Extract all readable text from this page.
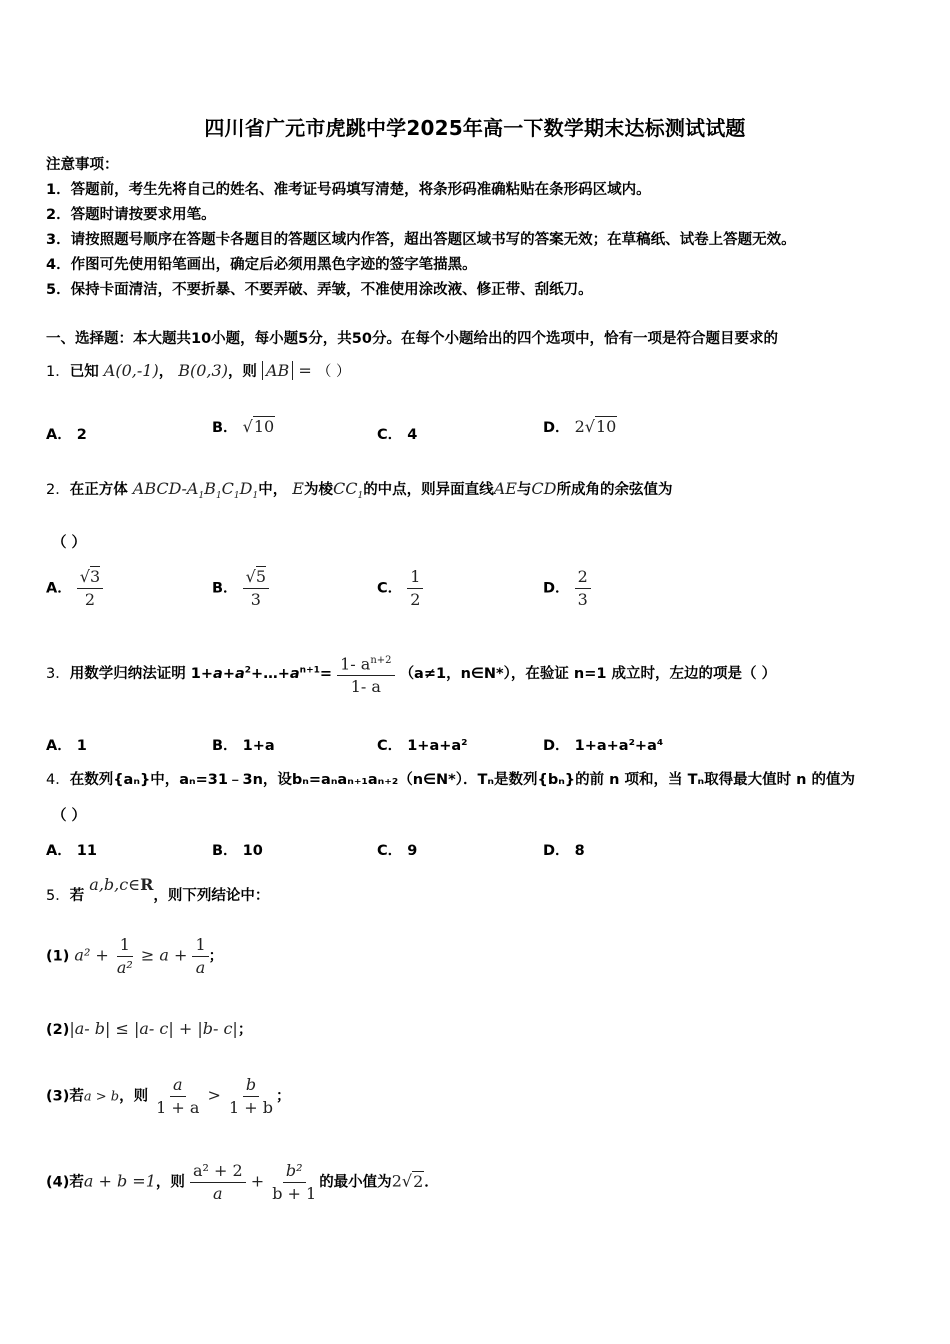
四川省广元市虎跳中学2025年高一下数学期末达标测试试题
注意事项：
1．答题前，考生先将自己的姓名、准考证号码填写清楚，将条形码准确粘贴在条形码区域内。
2．答题时请按要求用笔。
3．请按照题号顺序在答题卡各题目的答题区域内作答，超出答题区域书写的答案无效；在草稿纸、试卷上答题无效。
4．作图可先使用铅笔画出，确定后必须用黑色字迹的签字笔描黑。
5．保持卡面清洁，不要折暴、不要弄破、弄皱，不准使用涂改液、修正带、刮纸刀。
一、选择题：本大题共10小题，每小题5分，共50分。在每个小题给出的四个选项中，恰有一项是符合题目要求的
1．已知 A(0,‑1)， B(0,3)，则 AB = （ ）
A． 2	B． √10	C． 4	D． 2√10
2．在正方体 $ABCD‑A_1B_1C_1D_1$中， E为棱$CC_1$的中点，则异面直线AE与CD所成角的余弦值为
（ ）
A． $\frac{√3}{2}$	B． $\frac{√5}{3}$	C． $\frac{1}{2}$	D． $\frac{2}{3}$
3．用数学归纳法证明 $1+a+a^2+\dots+a^{n+1}= \frac{1‑ a^{n+2}}{1‑ a} (a\ne 1$，n∈N*），在验证 n=1 成立时，左边的项是（ ）
A． 1	B． 1+a	C． 1+a+a²	D． 1+a+a²+a⁴
4．在数列{aₙ}中，aₙ=31﹣3n，设bₙ=aₙaₙ₊₁aₙ₊₂（n∈N*）．Tₙ是数列{bₙ}的前 n 项和，当 Tₙ取得最大值时 n 的值为
（ ）
A． 11	B． 10	C． 9	D． 8
5．若 a,b,c∈R，则下列结论中：
(1) $a^2 + \frac{1}{\text{a²}} \ge a + \frac{1}{a}$ ；
(2)|a‑ b| ≤ |a‑ c| + |b‑ c|；
(3)若a > b，则 $\frac{a}{1 + a} > \frac{b}{1 + b}$ ；
(4)若a + b =1，则 $\frac{\text{a² + 2}}{a} + \frac{\text{b²}}{b + 1}$ 的最小值为2√2．
